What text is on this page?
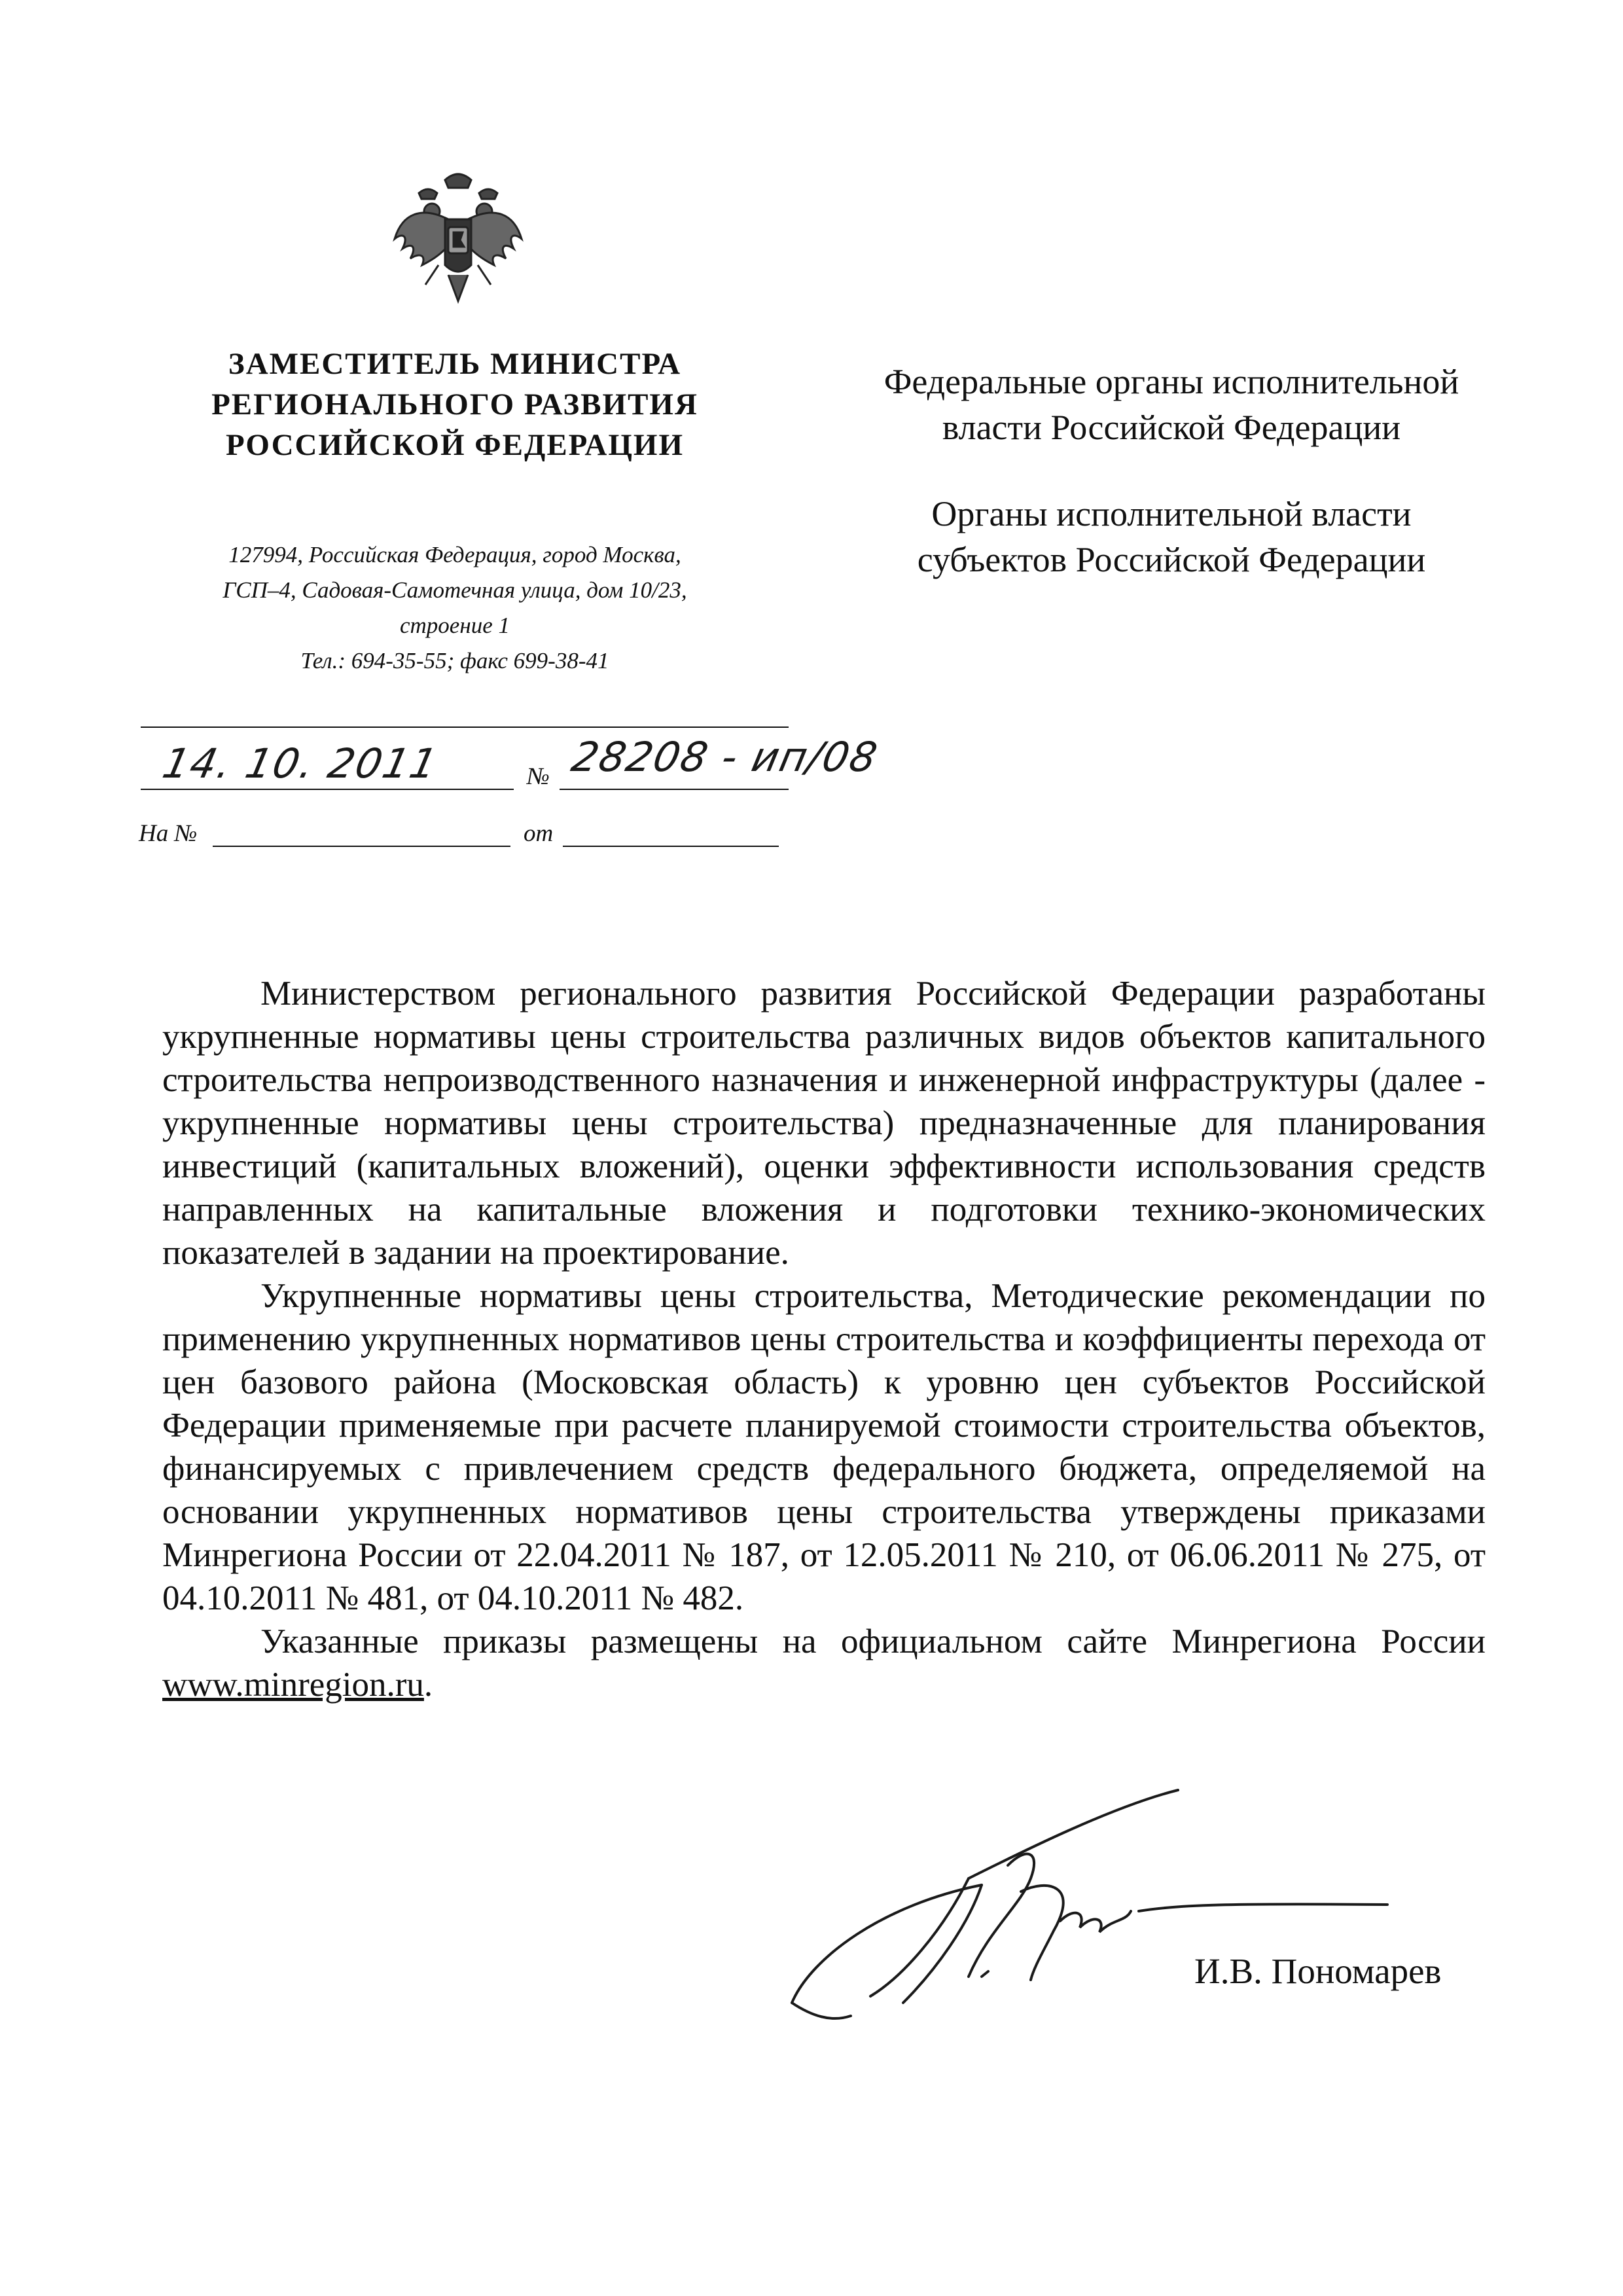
ЗАМЕСТИТЕЛЬ МИНИСТРА
РЕГИОНАЛЬНОГО РАЗВИТИЯ
РОССИЙСКОЙ ФЕДЕРАЦИИ
127994, Российская Федерация, город Москва,
ГСП–4, Садовая-Самотечная улица, дом 10/23,
строение 1
Тел.: 694-35-55; факс 699-38-41
Федеральные органы исполнительной
власти Российской Федерации
Органы исполнительной власти
субъектов Российской Федерации
14. 10. 2011	№ 28208 - ип/08
На №	от

Министерством регионального развития Российской Федерации разработаны укрупненные нормативы цены строительства различных видов объектов капитального строительства непроизводственного назначения и инженерной инфраструктуры (далее - укрупненные нормативы цены строительства) предназначенные для планирования инвестиций (капитальных вложений), оценки эффективности использования средств направленных на капитальные вложения и подготовки технико-экономических показателей в задании на проектирование.

Укрупненные нормативы цены строительства, Методические рекомендации по применению укрупненных нормативов цены строительства и коэффициенты перехода от цен базового района (Московская область) к уровню цен субъектов Российской Федерации применяемые при расчете планируемой стоимости строительства объектов, финансируемых с привлечением средств федерального бюджета, определяемой на основании укрупненных нормативов цены строительства утверждены приказами Минрегиона России от 22.04.2011 № 187, от 12.05.2011 № 210, от 06.06.2011 № 275, от 04.10.2011 № 481, от 04.10.2011 № 482.

Указанные приказы размещены на официальном сайте Минрегиона России www.minregion.ru.

И.В. Пономарев
